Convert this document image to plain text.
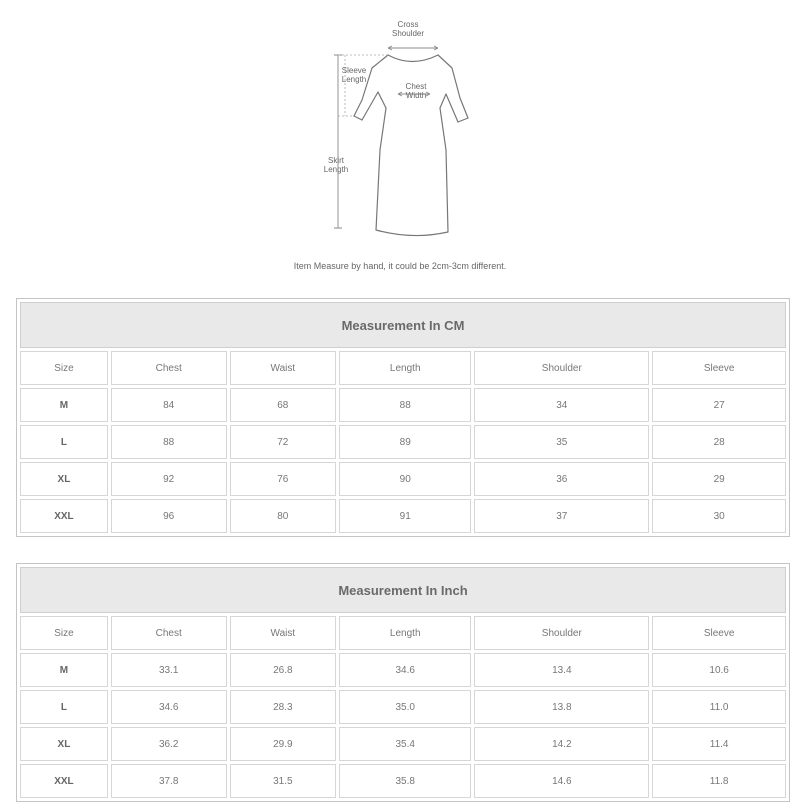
Cross
Shoulder
Sleeve
Length
Chest
Width
Skirt
Length
Item Measure by hand, it could be 2cm-3cm different.
Measurement In CM					
Size	Chest	Waist	Length	Shoulder	Sleeve
M	84	68	88	34	27
L	88	72	89	35	28
XL	92	76	90	36	29
XXL	96	80	91	37	30
Measurement In Inch					
Size	Chest	Waist	Length	Shoulder	Sleeve
M	33.1	26.8	34.6	13.4	10.6
L	34.6	28.3	35.0	13.8	11.0
XL	36.2	29.9	35.4	14.2	11.4
XXL	37.8	31.5	35.8	14.6	11.8
